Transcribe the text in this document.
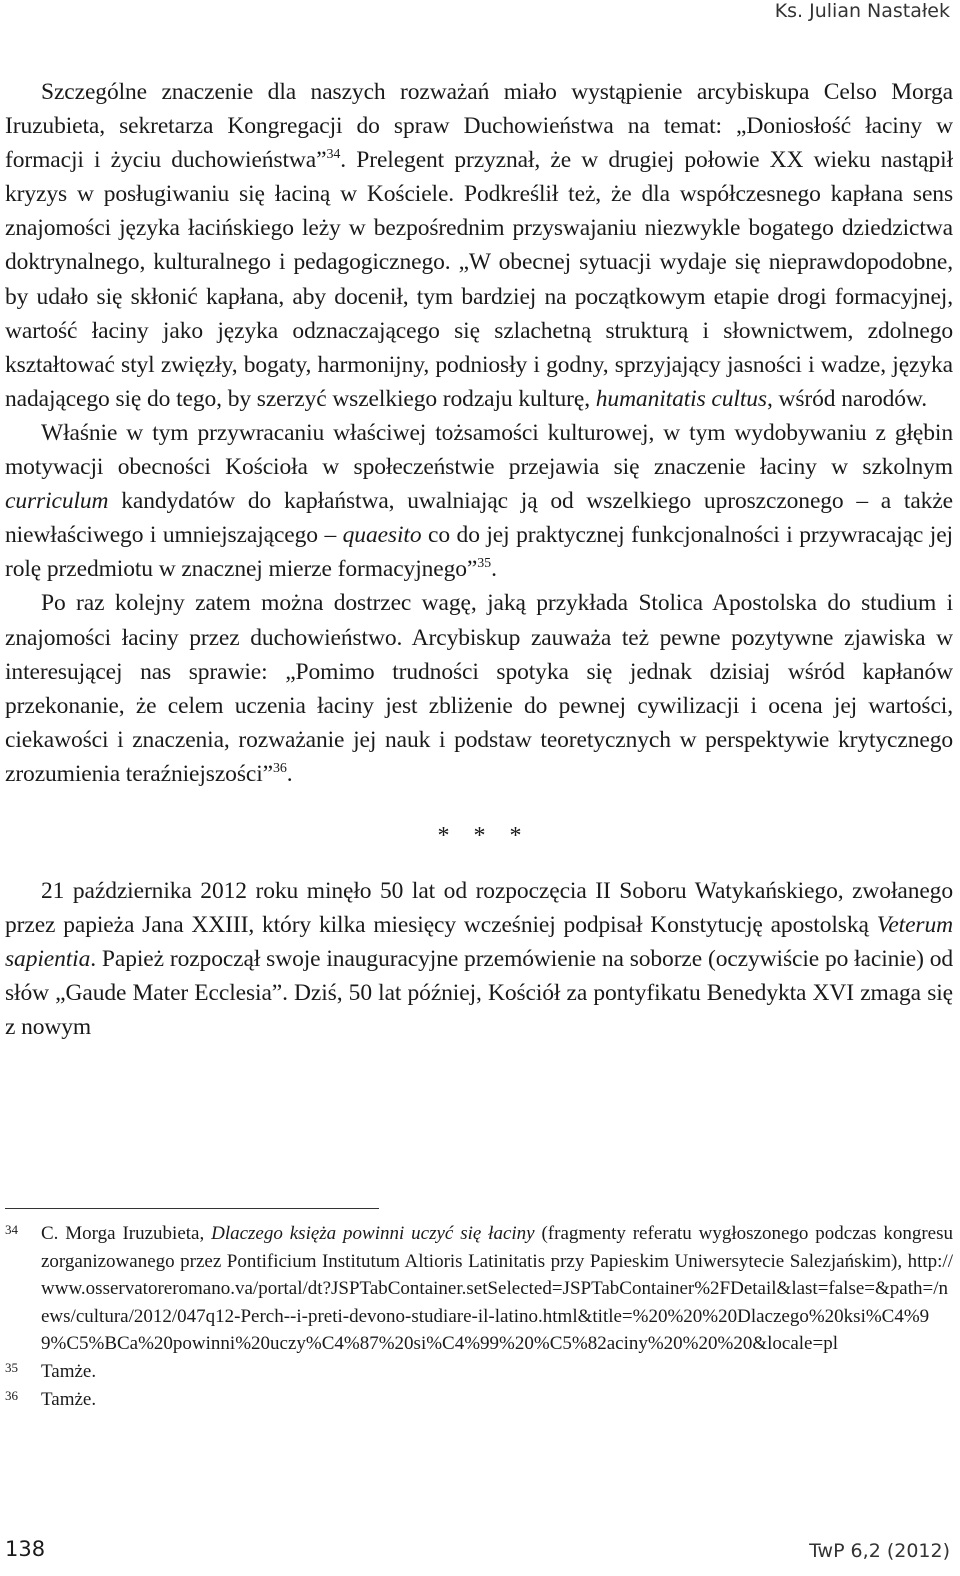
Ks. Julian Nastałek

Szczególne znaczenie dla naszych rozważań miało wystąpienie arcybiskupa Celso Morga Iruzubieta, sekretarza Kongregacji do spraw Duchowieństwa na temat: „Doniosłość łaciny w formacji i życiu duchowieństwa”$^{34}$. Prelegent przyznał, że w drugiej połowie XX wieku nastąpił kryzys w posługiwaniu się łaciną w Kościele. Podkreślił też, że dla współczesnego kapłana sens znajomości języka łacińskiego leży w bezpośrednim przyswajaniu niezwykle bogatego dziedzictwa doktrynalnego, kulturalnego i pedagogicznego. „W obecnej sytuacji wydaje się nieprawdopodobne, by udało się skłonić kapłana, aby docenił, tym bardziej na początkowym etapie drogi formacyjnej, wartość łaciny jako języka odznaczającego się szlachetną strukturą i słownictwem, zdolnego kształtować styl zwięzły, bogaty, harmonijny, podniosły i godny, sprzyjający jasności i wadze, języka nadającego się do tego, by szerzyć wszelkiego rodzaju kulturę, humanitatis cultus, wśród narodów.

Właśnie w tym przywracaniu właściwej tożsamości kulturowej, w tym wydobywaniu z głębin motywacji obecności Kościoła w społeczeństwie przejawia się znaczenie łaciny w szkolnym curriculum kandydatów do kapłaństwa, uwalniając ją od wszelkiego uproszczonego – a także niewłaściwego i umniejszającego – quaesito co do jej praktycznej funkcjonalności i przywracając jej rolę przedmiotu w znacznej mierze formacyjnego”$^{35}$.

Po raz kolejny zatem można dostrzec wagę, jaką przykłada Stolica Apostolska do studium i znajomości łaciny przez duchowieństwo. Arcybiskup zauważa też pewne pozytywne zjawiska w interesującej nas sprawie: „Pomimo trudności spotyka się jednak dzisiaj wśród kapłanów przekonanie, że celem uczenia łaciny jest zbliżenie do pewnej cywilizacji i ocena jej wartości, ciekawości i znaczenia, rozważanie jej nauk i podstaw teoretycznych w perspektywie krytycznego zrozumienia teraźniejszości”$^{36}$.

* * *

21 października 2012 roku minęło 50 lat od rozpoczęcia II Soboru Watykańskiego, zwołanego przez papieża Jana XXIII, który kilka miesięcy wcześniej podpisał Konstytucję apostolską Veterum sapientia. Papież rozpoczął swoje inauguracyjne przemówienie na soborze (oczywiście po łacinie) od słów „Gaude Mater Ecclesia”. Dziś, 50 lat później, Kościół za pontyfikatu Benedykta XVI zmaga się z nowym

34	C. Morga Iruzubieta, Dlaczego księża powinni uczyć się łaciny (fragmenty referatu wygłoszonego podczas kongresu zorganizowanego przez Pontificium Institutum Altioris Latinitatis przy Papieskim Uniwersytecie Salezjańskim), http://www.osservatoreromano.va/portal/dt?JSPTabContainer.setSelected=JSPTabContainer%2FDetail&last=false=&path=/news/cultura/2012/047q12-Perch--i-preti-devono-studiare-il-latino.html&title=%20%20%20Dlaczego%20ksi%C4%99%C5%BCa%20powinni%20uczy%C4%87%20si%C4%99%20%C5%82aciny%20%20%20&locale=pl
35	Tamże.
36	Tamże.
138	TwP 6,2 (2012)
